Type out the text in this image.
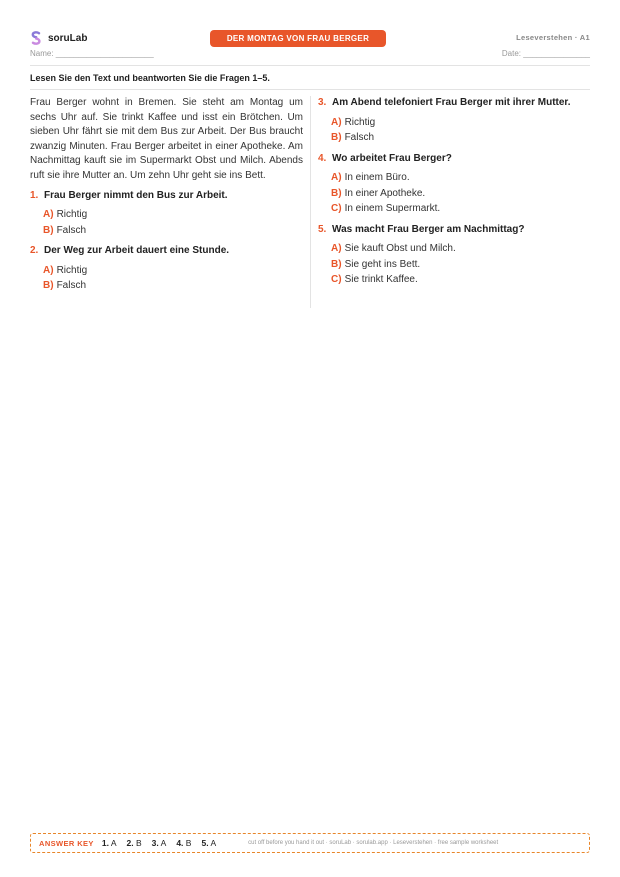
soruLab
Name: ______________________
DER MONTAG VON FRAU BERGER	Leseverstehen · A1
Date: _______________
Lesen Sie den Text und beantworten Sie die Fragen 1–5.

Frau Berger wohnt in Bremen. Sie steht am Montag um sechs Uhr auf. Sie trinkt Kaffee und isst ein Brötchen. Um sieben Uhr fährt sie mit dem Bus zur Arbeit. Der Bus braucht zwanzig Minuten. Frau Berger arbeitet in einer Apotheke. Am Nachmittag kauft sie im Supermarkt Obst und Milch. Abends ruft sie ihre Mutter an. Um zehn Uhr geht sie ins Bett.

1. Frau Berger nimmt den Bus zur Arbeit.
A) Richtig
B) Falsch
2. Der Weg zur Arbeit dauert eine Stunde.
A) Richtig
B) Falsch
3. Am Abend telefoniert Frau Berger mit ihrer Mutter.
A) Richtig
B) Falsch
4. Wo arbeitet Frau Berger?
A) In einem Büro.
B) In einer Apotheke.
C) In einem Supermarkt.
5. Was macht Frau Berger am Nachmittag?
A) Sie kauft Obst und Milch.
B) Sie geht ins Bett.
C) Sie trinkt Kaffee.
ANSWER KEY 1. A 2. B 3. A 4. B 5. A	cut off before you hand it out · soruLab · sorulab.app · Leseverstehen · free sample worksheet
